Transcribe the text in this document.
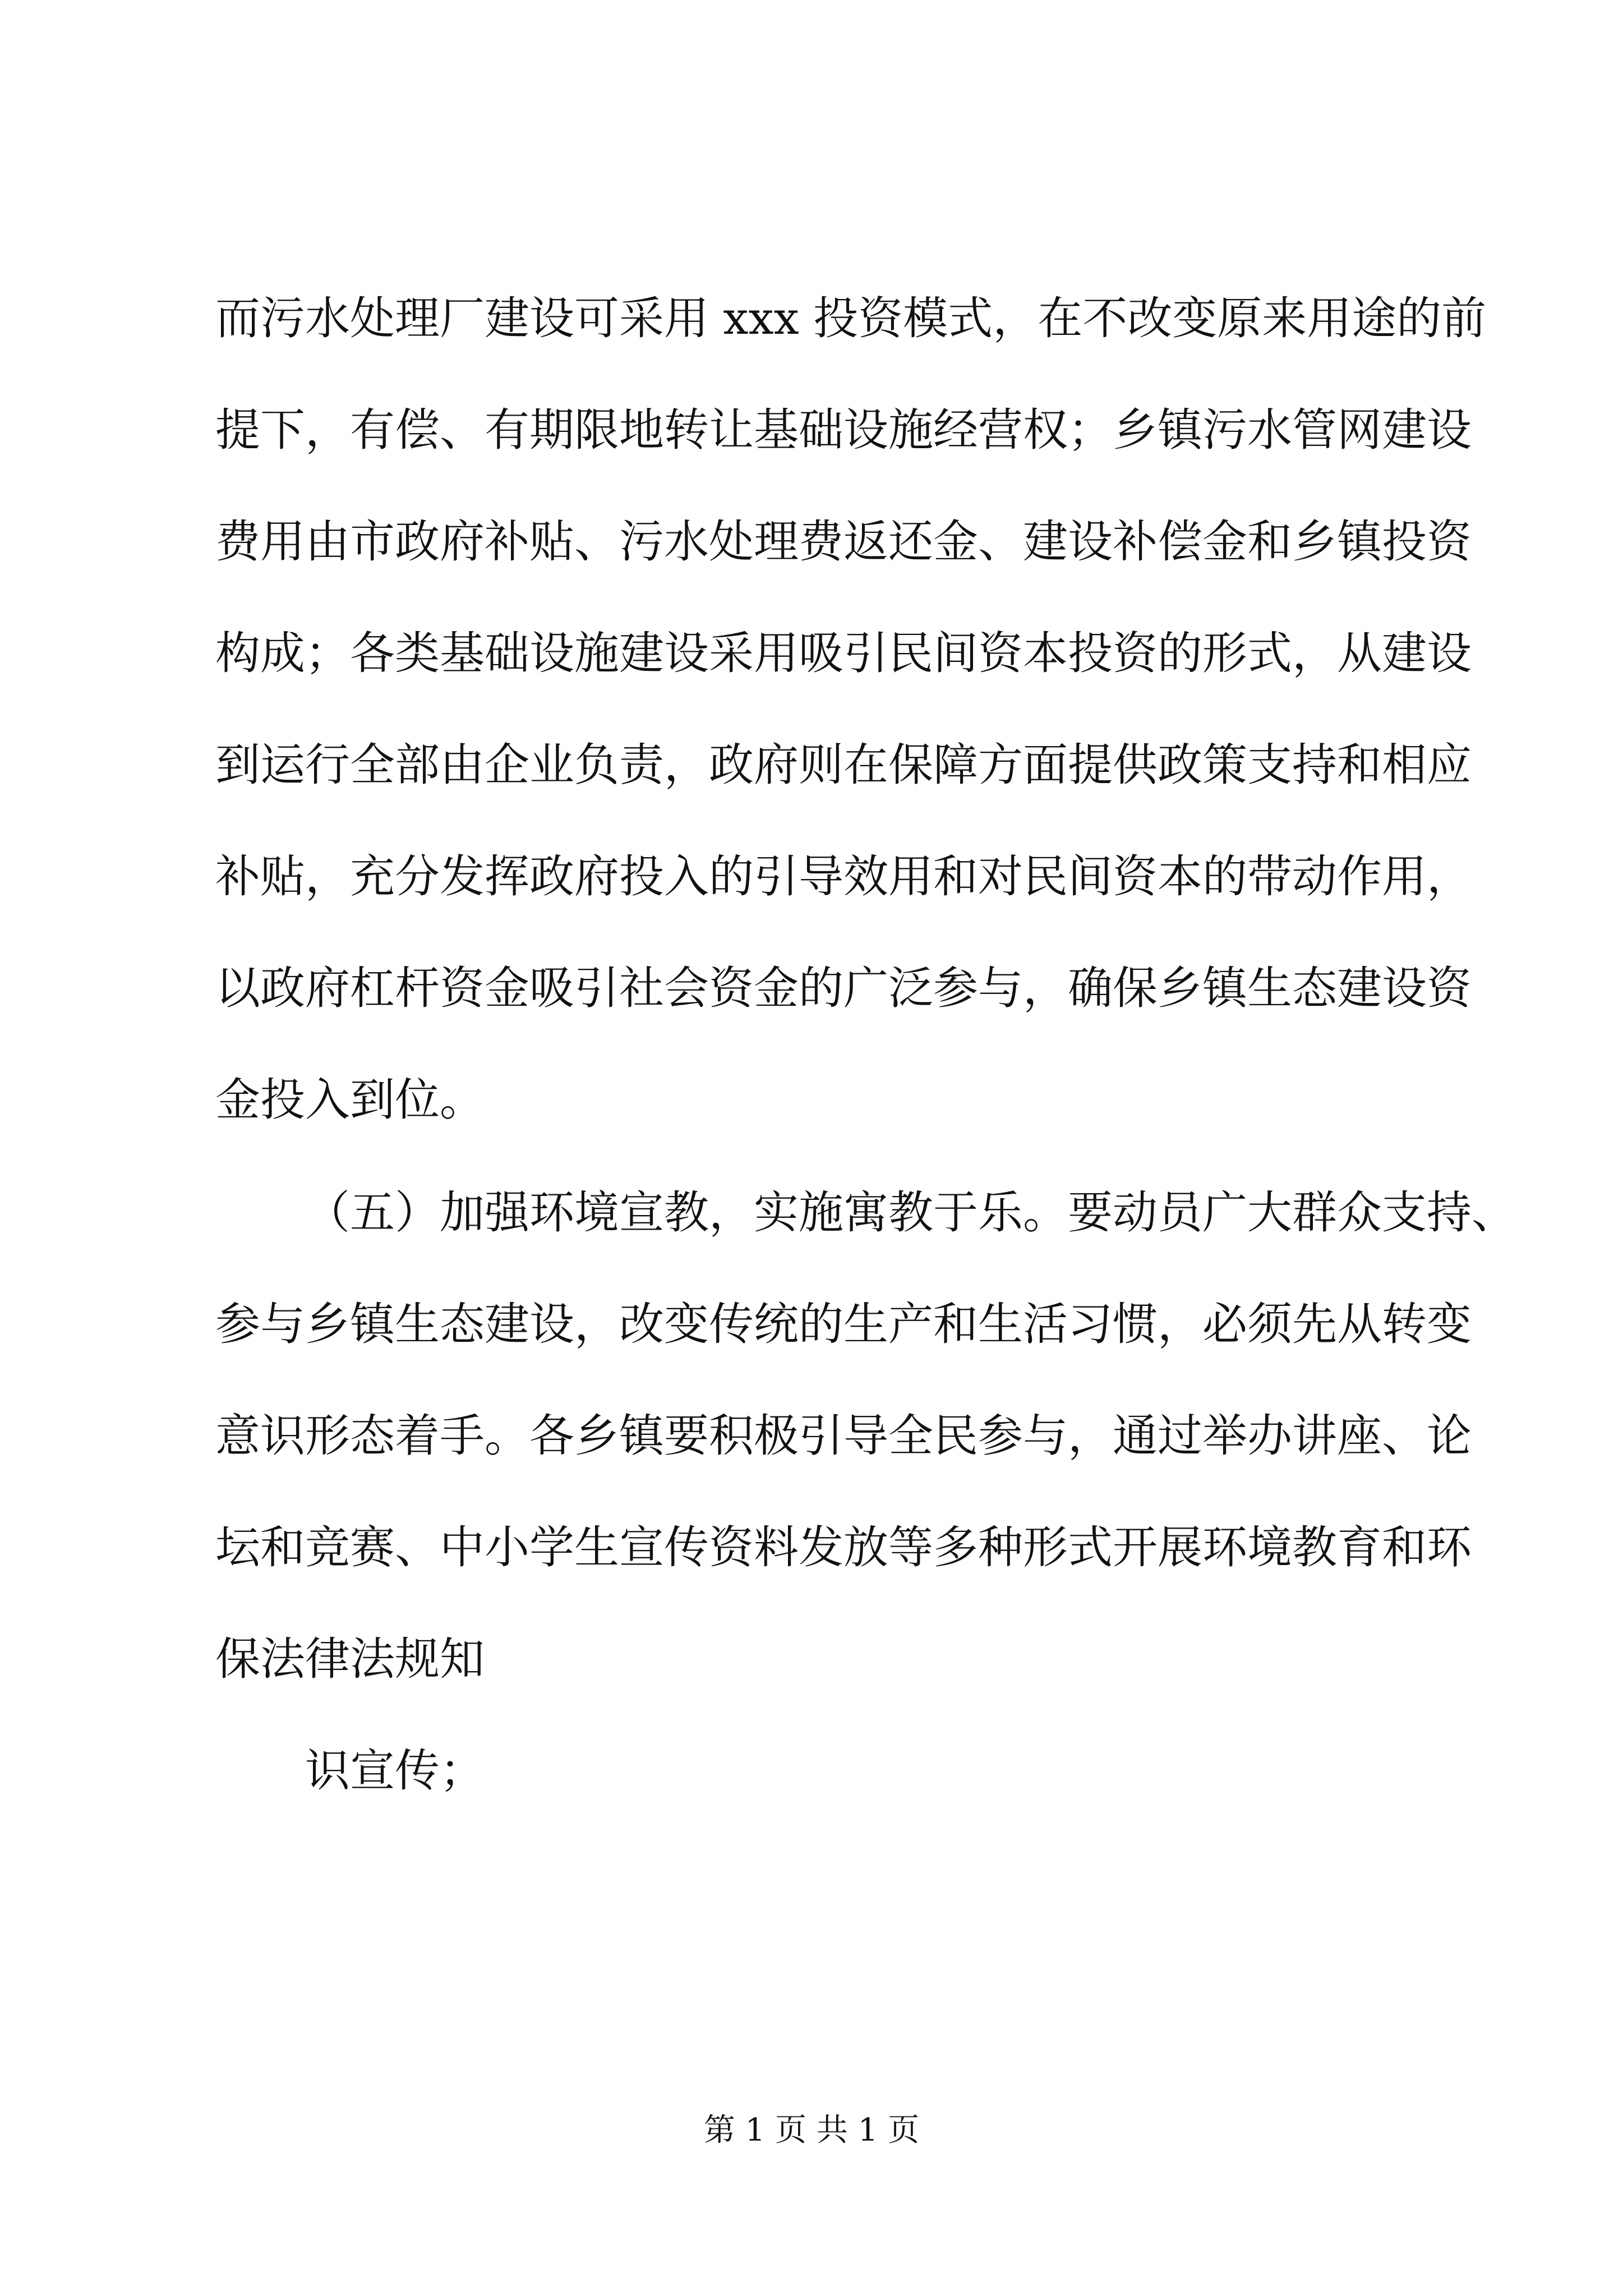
而污水处理厂建设可采用 xxx 投资模式，在不改变原来用途的前
提下，有偿、有期限地转让基础设施经营权；乡镇污水管网建设
费用由市政府补贴、污水处理费返还金、建设补偿金和乡镇投资
构成；各类基础设施建设采用吸引民间资本投资的形式，从建设
到运行全部由企业负责，政府则在保障方面提供政策支持和相应
补贴，充分发挥政府投入的引导效用和对民间资本的带动作用，
以政府杠杆资金吸引社会资金的广泛参与，确保乡镇生态建设资
金投入到位。
（五）加强环境宣教，实施寓教于乐。要动员广大群众支持、
参与乡镇生态建设，改变传统的生产和生活习惯，必须先从转变
意识形态着手。各乡镇要积极引导全民参与，通过举办讲座、论
坛和竞赛、中小学生宣传资料发放等多种形式开展环境教育和环
保法律法规知
识宣传；
第 1 页 共 1 页
